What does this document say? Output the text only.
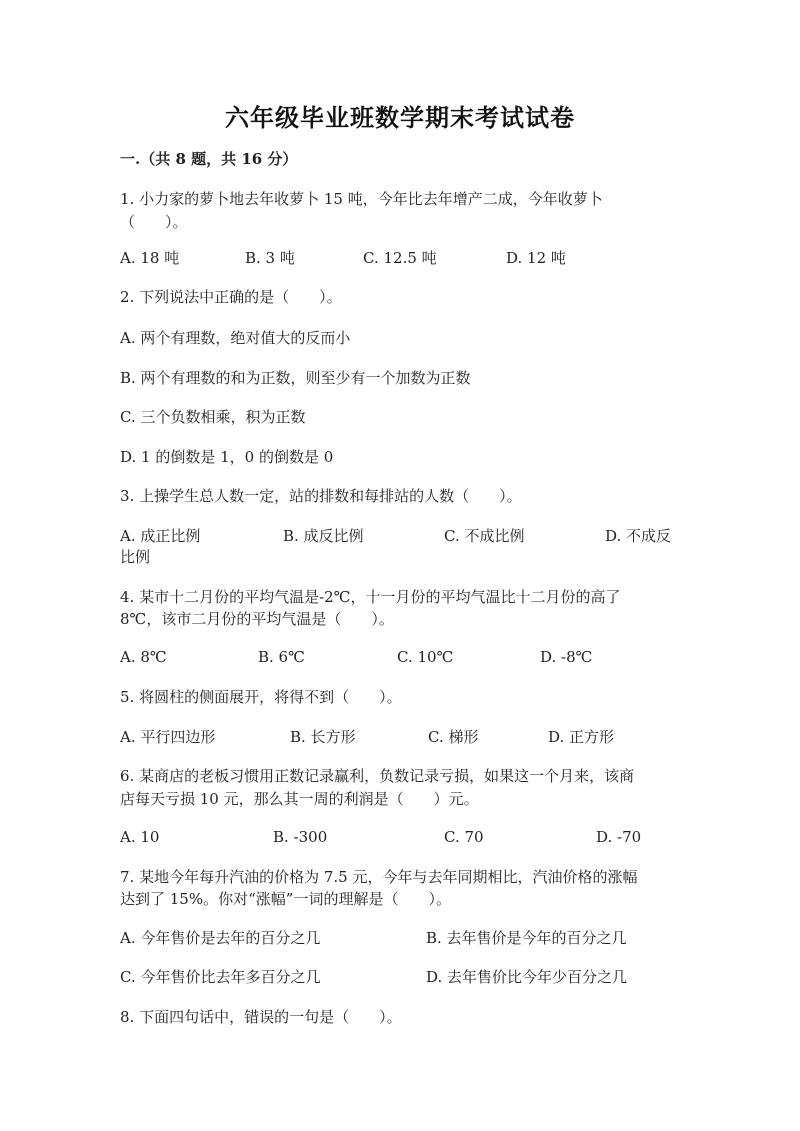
六年级毕业班数学期末考试试卷
一.（共 8 题，共 16 分）
1. 小力家的萝卜地去年收萝卜 15 吨，今年比去年增产二成，今年收萝卜
（　　）。
A. 18 吨	B. 3 吨	C. 12.5 吨	D. 12 吨
2. 下列说法中正确的是（　　）。
A. 两个有理数，绝对值大的反而小
B. 两个有理数的和为正数，则至少有一个加数为正数
C. 三个负数相乘，积为正数
D. 1 的倒数是 1，0 的倒数是 0
3. 上操学生总人数一定，站的排数和每排站的人数（　　）。
A. 成正比例	B. 成反比例	C. 不成比例	D. 不成反
比例
4. 某市十二月份的平均气温是-2℃，十一月份的平均气温比十二月份的高了
8℃，该市二月份的平均气温是（　　）。
A. 8℃	B. 6℃	C. 10℃	D. -8℃
5. 将圆柱的侧面展开，将得不到（　　）。
A. 平行四边形	B. 长方形	C. 梯形	D. 正方形
6. 某商店的老板习惯用正数记录赢利，负数记录亏损，如果这一个月来，该商
店每天亏损 10 元，那么其一周的利润是（　　）元。
A. 10	B. -300	C. 70	D. -70
7. 某地今年每升汽油的价格为 7.5 元，今年与去年同期相比，汽油价格的涨幅
达到了 15%。你对“涨幅”一词的理解是（　　）。
A. 今年售价是去年的百分之几	B. 去年售价是今年的百分之几
C. 今年售价比去年多百分之几	D. 去年售价比今年少百分之几
8. 下面四句话中，错误的一句是（　　）。
